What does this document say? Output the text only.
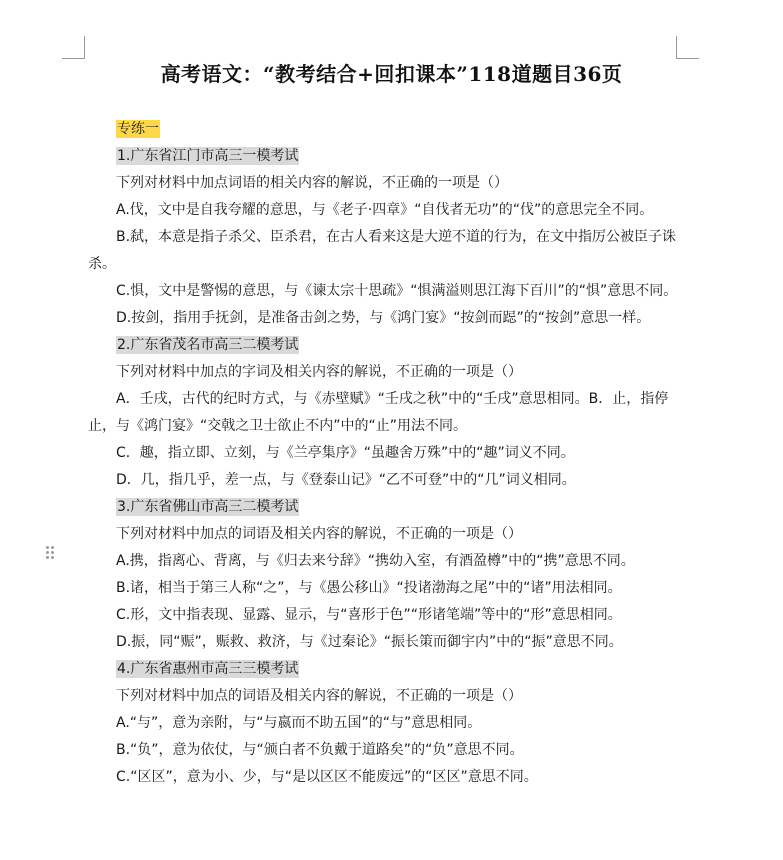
高考语文：“教考结合+回扣课本”118道题目36页
专练一
1.广东省江门市高三一模考试
下列对材料中加点词语的相关内容的解说，不正确的一项是（）
A.伐，文中是自我夸耀的意思，与《老子·四章》“自伐者无功”的“伐”的意思完全不同。
B.弑，本意是指子杀父、臣杀君，在古人看来这是大逆不道的行为，在文中指厉公被臣子诛杀。
C.惧，文中是警惕的意思，与《谏太宗十思疏》“惧满溢则思江海下百川”的“惧”意思不同。
D.按剑，指用手抚剑，是准备击剑之势，与《鸿门宴》“按剑而跽”的“按剑”意思一样。
2.广东省茂名市高三二模考试
下列对材料中加点的字词及相关内容的解说，不正确的一项是（）
A．壬戌，古代的纪时方式，与《赤壁赋》“壬戌之秋”中的“壬戌”意思相同。B．止，指停止，与《鸿门宴》“交戟之卫士欲止不内”中的“止”用法不同。
C．趣，指立即、立刻，与《兰亭集序》“虽趣舍万殊”中的“趣”词义不同。
D．几，指几乎，差一点，与《登泰山记》“乙不可登”中的“几”词义相同。
3.广东省佛山市高三二模考试
下列对材料中加点的词语及相关内容的解说，不正确的一项是（）
A.携，指离心、背离，与《归去来兮辞》“携幼入室，有酒盈樽”中的“携”意思不同。
B.诸，相当于第三人称“之”，与《愚公移山》“投诸渤海之尾”中的“诸”用法相同。
C.形，文中指表现、显露、显示，与“喜形于色”“形诸笔端”等中的“形”意思相同。
D.振，同“赈”，赈救、救济，与《过秦论》“振长策而御宇内”中的“振”意思不同。
4.广东省惠州市高三三模考试
下列对材料中加点的词语及相关内容的解说，不正确的一项是（）
A.“与”，意为亲附，与“与嬴而不助五国”的“与”意思相同。
B.“负”，意为依仗，与“颁白者不负戴于道路矣”的“负”意思不同。
C.“区区”，意为小、少，与“是以区区不能废远”的“区区”意思不同。
